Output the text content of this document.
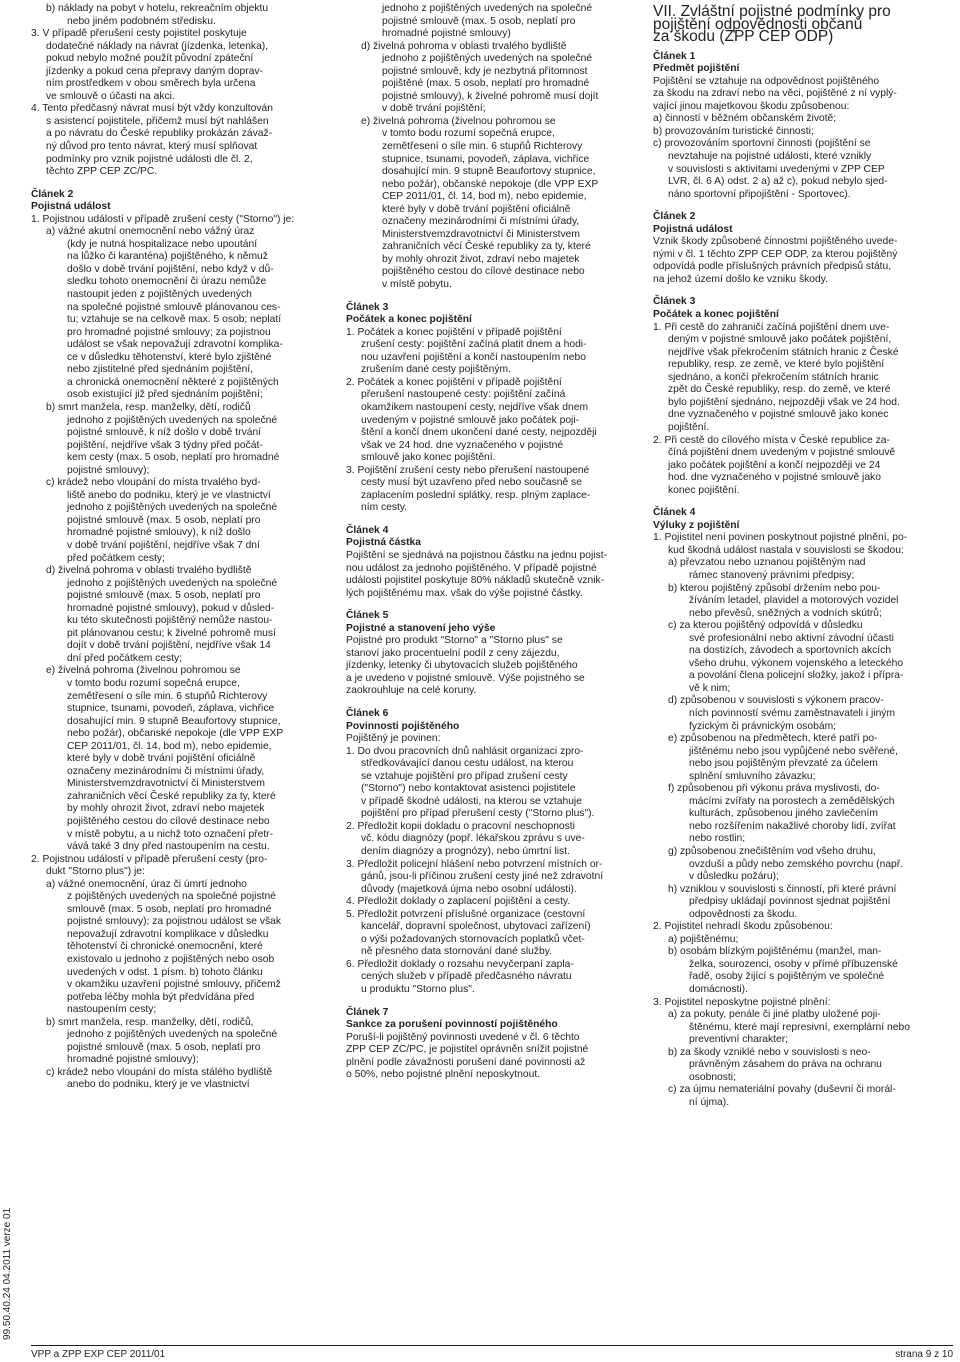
b) náklady na pobyt v hotelu, rekreačním objektu

nebo jiném podobném středisku.

3. V případě přerušení cesty pojistitel poskytuje

dodatečné náklady na návrat (jízdenka, letenka),

pokud nebylo možné použít původní zpáteční

jízdenky a pokud cena přepravy daným doprav-

ním prostředkem v obou směrech byla určena

ve smlouvě o účasti na akci.

4. Tento předčasný návrat musí být vždy konzultován

s asistencí pojistitele, přičemž musí být nahlášen

a po návratu do České republiky prokázán závaž-

ný důvod pro tento návrat, který musí splňovat

podmínky pro vznik pojistné události dle čl. 2,

těchto ZPP CEP ZC/PC.

Článek 2

Pojistná událost

1. Pojistnou událostí v případě zrušení cesty ("Storno") je:

a) vážné akutní onemocnění nebo vážný úraz

(kdy je nutná hospitalizace nebo upoutání

na lůžko či karanténa) pojištěného, k němuž

došlo v době trvání pojištění, nebo když v dů-

sledku tohoto onemocnění či úrazu nemůže

nastoupit jeden z pojištěných uvedených

na společné pojistné smlouvě plánovanou ces-

tu; vztahuje se na celkově max. 5 osob; neplatí

pro hromadné pojistné smlouvy; za pojistnou

událost se však nepovažují zdravotní komplika-

ce v důsledku těhotenství, které bylo zjištěné

nebo zjistitelné před sjednáním pojištění,

a chronická onemocnění některé z pojištěných

osob existující již před sjednáním pojištění;

b) smrt manžela, resp. manželky, dětí, rodičů

jednoho z pojištěných uvedených na společné

pojistné smlouvě, k níž došlo v době trvání

pojištění, nejdříve však 3 týdny před počát-

kem cesty (max. 5 osob, neplatí pro hromadné

pojistné smlouvy);

c) krádež nebo vloupání do místa trvalého byd-

liště anebo do podniku, který je ve vlastnictví

jednoho z pojištěných uvedených na společné

pojistné smlouvě (max. 5 osob, neplatí pro

hromadné pojistné smlouvy), k níž došlo

v době trvání pojištění, nejdříve však 7 dní

před počátkem cesty;

d) živelná pohroma v oblasti trvalého bydliště

jednoho z pojištěných uvedených na společné

pojistné smlouvě (max. 5 osob, neplatí pro

hromadné pojistné smlouvy), pokud v důsled-

ku této skutečnosti pojištěný nemůže nastou-

pit plánovanou cestu; k živelné pohromě musí

dojít v době trvání pojištění, nejdříve však 14

dní před počátkem cesty;

e) živelná pohroma (živelnou pohromou se

v tomto bodu rozumí sopečná erupce,

zemětřesení o síle min. 6 stupňů Richterovy

stupnice, tsunami, povodeň, záplava, vichřice

dosahující min. 9 stupně Beaufortovy stupnice,

nebo požár), občanské nepokoje (dle VPP EXP

CEP 2011/01, čl. 14, bod m), nebo epidemie,

které byly v době trvání pojištění oficiálně

označeny mezinárodními či místními úřady,

Ministerstvemzdravotnictví či Ministerstvem

zahraničních věcí České republiky za ty, které

by mohly ohrozit život, zdraví nebo majetek

pojištěného cestou do cílové destinace nebo

v místě pobytu, a u nichž toto označení přetr-

vává také 3 dny před nastoupením na cestu.

2. Pojistnou událostí v případě přerušení cesty (pro-

dukt "Storno plus") je:

a) vážné onemocnění, úraz či úmrtí jednoho

z pojištěných uvedených na společné pojistné

smlouvě (max. 5 osob, neplatí pro hromadné

pojistné smlouvy); za pojistnou událost se však

nepovažují zdravotní komplikace v důsledku

těhotenství či chronické onemocnění, které

existovalo u jednoho z pojištěných nebo osob

uvedených v odst. 1 písm. b) tohoto článku

v okamžiku uzavření pojistné smlouvy, přičemž

potřeba léčby mohla být předvídána před

nastoupením cesty;

b) smrt manžela, resp. manželky, dětí, rodičů,

jednoho z pojištěných uvedených na společné

pojistné smlouvě (max. 5 osob, neplatí pro

hromadné pojistné smlouvy);

c) krádež nebo vloupání do místa stálého bydliště

anebo do podniku, který je ve vlastnictví

jednoho z pojištěných uvedených na společné

pojistné smlouvě (max. 5 osob, neplatí pro

hromadné pojistné smlouvy)

d) živelná pohroma v oblasti trvalého bydliště

jednoho z pojištěných uvedených na společné

pojistné smlouvě, kdy je nezbytná přítomnost

pojištěné (max. 5 osob, neplatí pro hromadné

pojistné smlouvy), k živelné pohromě musí dojít

v době trvání pojištění;

e) živelná pohroma (živelnou pohromou se

v tomto bodu rozumí sopečná erupce,

zemětřesení o síle min. 6 stupňů Richterovy

stupnice, tsunami, povodeň, záplava, vichřice

dosahující min. 9 stupně Beaufortovy stupnice,

nebo požár), občanské nepokoje (dle VPP EXP

CEP 2011/01, čl. 14, bod m), nebo epidemie,

které byly v době trvání pojištění oficiálně

označeny mezinárodními či místními úřady,

Ministerstvemzdravotnictví či Ministerstvem

zahraničních věcí České republiky za ty, které

by mohly ohrozit život, zdraví nebo majetek

pojištěného cestou do cílové destinace nebo

v místě pobytu.

Článek 3

Počátek a konec pojištění

1. Počátek a konec pojištění v případě pojištění

zrušení cesty: pojištění začíná platit dnem a hodi-

nou uzavření pojištění a končí nastoupením nebo

zrušením dané cesty pojištěným.

2. Počátek a konec pojištění v případě pojištění

přerušení nastoupené cesty: pojištění začíná

okamžikem nastoupení cesty, nejdříve však dnem

uvedeným v pojistné smlouvě jako počátek poji-

štění a končí dnem ukončení dané cesty, nejpozději

však ve 24 hod. dne vyznačeného v pojistné

smlouvě jako konec pojištění.

3. Pojištění zrušení cesty nebo přerušení nastoupené

cesty musí být uzavřeno před nebo současně se

zaplacením poslední splátky, resp. plným zaplace-

ním cesty.

Článek 4

Pojistná částka

Pojištění se sjednává na pojistnou částku na jednu pojist-

nou událost za jednoho pojištěného. V případě pojistné

události pojistitel poskytuje 80% nákladů skutečně vznik-

lých pojištěnému max. však do výše pojistné částky.

Článek 5

Pojistné a stanovení jeho výše

Pojistné pro produkt "Storno" a "Storno plus" se

stanoví jako procentuelní podíl z ceny zájezdu,

jízdenky, letenky či ubytovacích služeb pojištěného

a je uvedeno v pojistné smlouvě. Výše pojistného se

zaokrouhluje na celé koruny.

Článek 6

Povinnosti pojištěného

Pojištěný je povinen:

1. Do dvou pracovních dnů nahlásit organizaci zpro-

středkovávající danou cestu událost, na kterou

se vztahuje pojištění pro případ zrušení cesty

("Storno") nebo kontaktovat asistenci pojistitele

v případě škodné události, na kterou se vztahuje

pojištění pro případ přerušení cesty ("Storno plus").

2. Předložit kopii dokladu o pracovní neschopnosti

vč. kódu diagnózy (popř. lékařskou zprávu s uve-

dením diagnózy a prognózy), nebo úmrtní list.

3. Předložit policejní hlášení nebo potvrzení místních or-

gánů, jsou-li příčinou zrušení cesty jiné než zdravotní

důvody (majetková újma nebo osobní události).

4. Předložit doklady o zaplacení pojištění a cesty.

5. Předložit potvrzení příslušné organizace (cestovní

kancelář, dopravní společnost, ubytovací zařízení)

o výši požadovaných stornovacích poplatků včet-

ně přesného data stornování dané služby.

6. Předložit doklady o rozsahu nevyčerpaní zapla-

cených služeb v případě předčasného návratu

u produktu "Storno plus".

Článek 7

Sankce za porušení povinností pojištěného

Poruší-li pojištěný povinnosti uvedené v čl. 6 těchto

ZPP CEP ZC/PC, je pojistitel oprávněn snížit pojistné

plnění podle závažnosti porušení dané povinnosti až

o 50%, nebo pojistné plnění neposkytnout.

VII. Zvláštní pojistné podmínky pro

pojištění odpovědnosti občanů

za škodu (ZPP CEP ODP)

Článek 1

Předmět pojištění

Pojištění se vztahuje na odpovědnost pojištěného

za škodu na zdraví nebo na věci, pojištěné z ní vyplý-

vající jinou majetkovou škodu způsobenou:

a) činností v běžném občanském životě;

b) provozováním turistické činnosti;

c) provozováním sportovní činnosti (pojištění se

nevztahuje na pojistné události, které vznikly

v souvislosti s aktivitami uvedenými v ZPP CEP

LVR, čl. 6 A) odst. 2 a) až c), pokud nebylo sjed-

náno sportovní připojištění - Sportovec).

Článek 2

Pojistná událost

Vznik škody způsobené činnostmi pojištěného uvede-

nými v čl. 1 těchto ZPP CEP ODP, za kterou pojištěný

odpovídá podle příslušných právních předpisů státu,

na jehož území došlo ke vzniku škody.

Článek 3

Počátek a konec pojištění

1. Při cestě do zahraničí začíná pojištění dnem uve-

deným v pojistné smlouvě jako počátek pojištění,

nejdříve však překročením státních hranic z České

republiky, resp. ze země, ve které bylo pojištění

sjednáno, a končí překročením státních hranic

zpět do České republiky, resp. do země, ve které

bylo pojištění sjednáno, nejpozději však ve 24 hod.

dne vyznačeného v pojistné smlouvě jako konec

pojištění.

2. Při cestě do cílového místa v České republice za-

číná pojištění dnem uvedeným v pojistné smlouvě

jako počátek pojištění a končí nejpozději ve 24

hod. dne vyznačeného v pojistné smlouvě jako

konec pojištění.

Článek 4

Výluky z pojištění

1. Pojistitel není povinen poskytnout pojistné plnění, po-

kud škodná událost nastala v souvislosti se škodou:

a) převzatou nebo uznanou pojištěným nad

rámec stanovený právními předpisy;

b) kterou pojištěný způsobí držením nebo pou-

žíváním letadel, plavidel a motorových vozidel

nebo převěsů, sněžných a vodních skútrů;

c) za kterou pojištěný odpovídá v důsledku

své profesionální nebo aktivní závodní účasti

na dostizích, závodech a sportovních akcích

všeho druhu, výkonem vojenského a leteckého

a povolání člena policejní složky, jakož i přípra-

vě k nim;

d) způsobenou v souvislosti s výkonem pracov-

ních povinností svému zaměstnavateli i jiným

fyzickým či právnickým osobám;

e) způsobenou na předmětech, které patří po-

jištěnému nebo jsou vypůjčené nebo svěřené,

nebo jsou pojištěným převzaté za účelem

splnění smluvního závazku;

f) způsobenou při výkonu práva myslivosti, do-

mácími zvířaty na porostech a zemědělských

kulturách, způsobenou jiného zavlečením

nebo rozšířením nakažlivé choroby lidí, zvířat

nebo rostlin;

g) způsobenou znečištěním vod všeho druhu,

ovzduší a půdy nebo zemského povrchu (např.

v důsledku požáru);

h) vzniklou v souvislosti s činností, při které právní

předpisy ukládají povinnost sjednat pojištění

odpovědnosti za škodu.

2. Pojistitel nehradí škodu způsobenou:

a) pojištěnému;

b) osobám blízkým pojištěnému (manžel, man-

želka, sourozenci, osoby v přímé příbuzenské

řadě, osoby žijící s pojištěným ve společné

domácnosti).

3. Pojistitel neposkytne pojistné plnění:

a) za pokuty, penále či jiné platby uložené poji-

štěnému, které mají represivní, exemplární nebo

preventivní charakter;

b) za škody vzniklé nebo v souvislosti s neo-

právněným zásahem do práva na ochranu

osobnosti;

c) za újmu nemateriální povahy (duševní či morál-

ní újma).

99.50.40.24 04.2011 verze 01
VPP a ZPP EXP CEP 2011/01	strana 9 z 10
